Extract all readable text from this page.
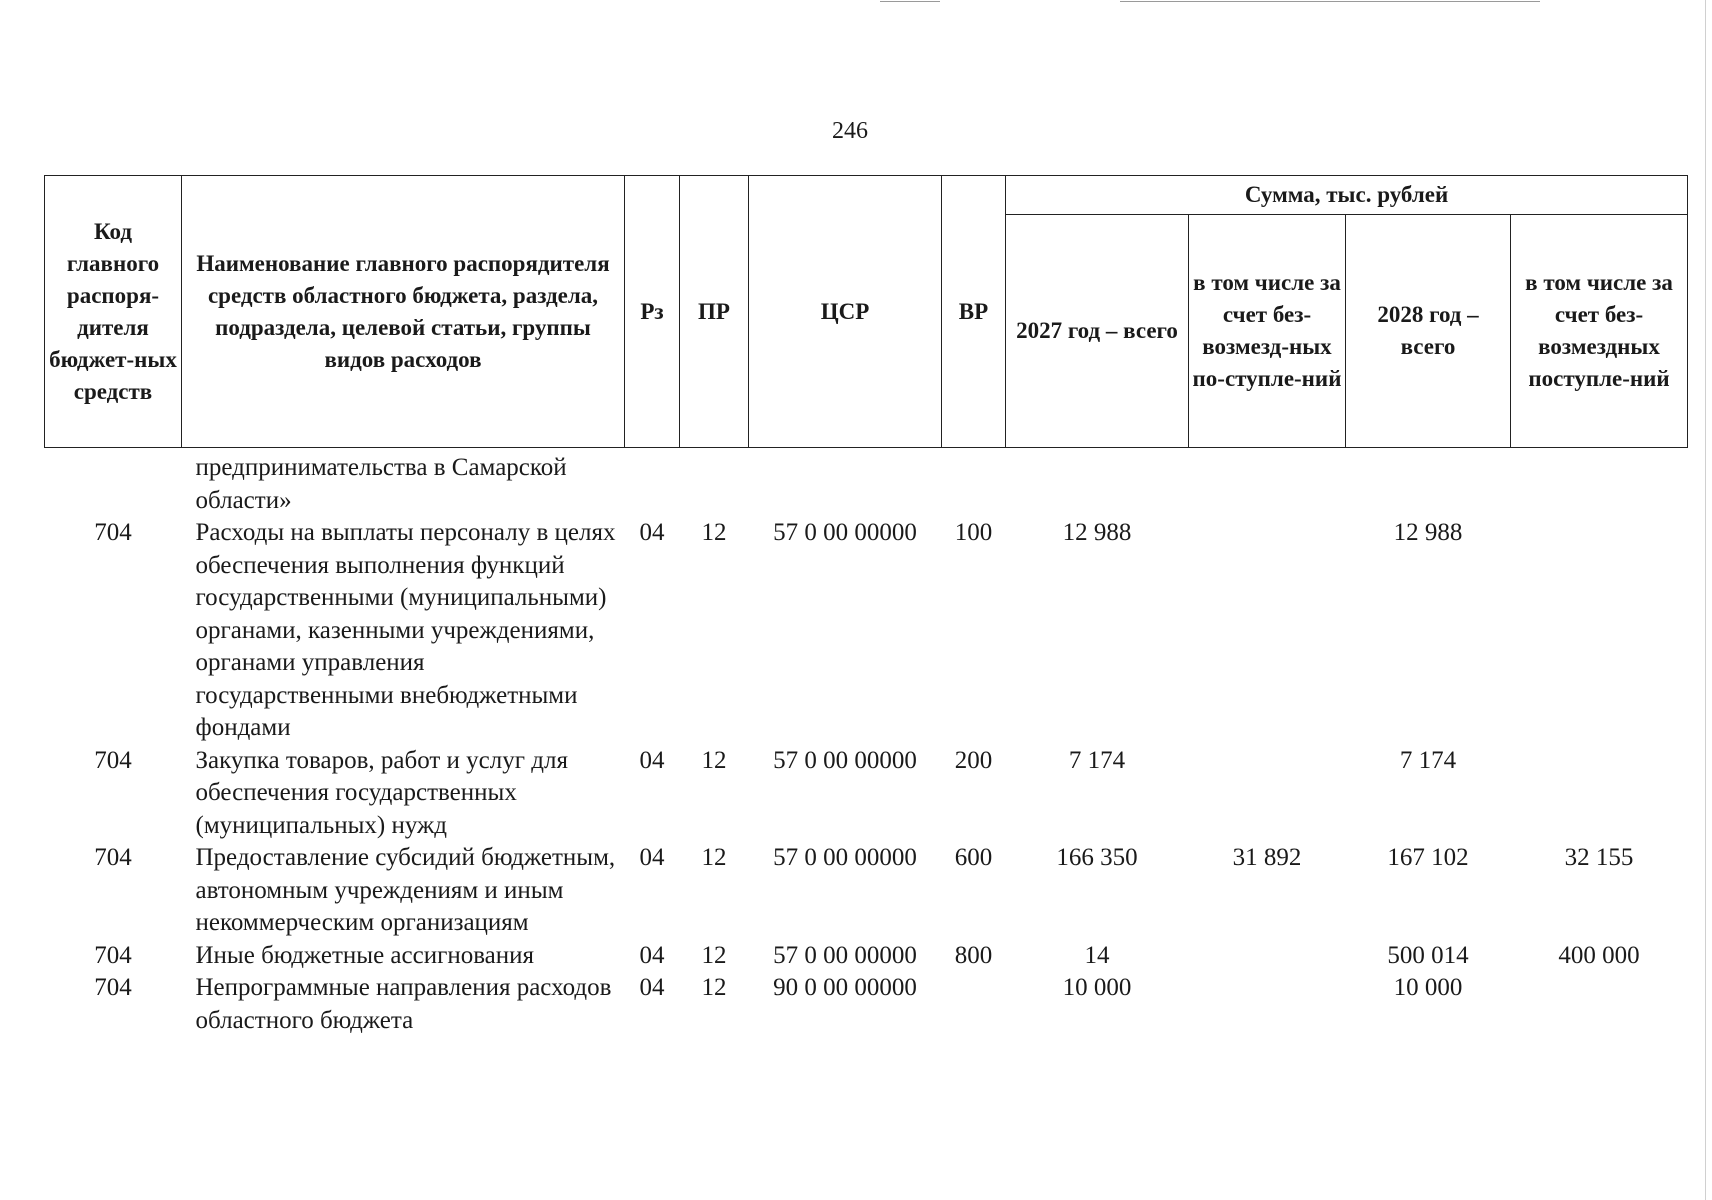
246
Код главного распоря-дителя бюджет-ных средств	Наименование главного распорядителя средств областного бюджета, раздела, подраздела, целевой статьи, группы видов расходов	Рз	ПР	ЦСР	ВР	Сумма, тыс. рублей			
						2027 год – всего	в том числе за счет без-возмезд-ных по-ступле-ний	2028 год – всего	в том числе за счет без-возмездных поступле-ний
	предпринимательства в Самарской области»								
704	Расходы на выплаты персоналу в целях обеспечения выполнения функций государственными (муниципальными) органами, казенными учреждениями, органами управления государственными внебюджетными фондами	04	12	57 0 00 00000	100	12 988		12 988	
704	Закупка товаров, работ и услуг для обеспечения государственных (муниципальных) нужд	04	12	57 0 00 00000	200	7 174		7 174	
704	Предоставление субсидий бюджетным, автономным учреждениям и иным некоммерческим организациям	04	12	57 0 00 00000	600	166 350	31 892	167 102	32 155
704	Иные бюджетные ассигнования	04	12	57 0 00 00000	800	14		500 014	400 000
704	Непрограммные направления расходов областного бюджета	04	12	90 0 00 00000		10 000		10 000	
